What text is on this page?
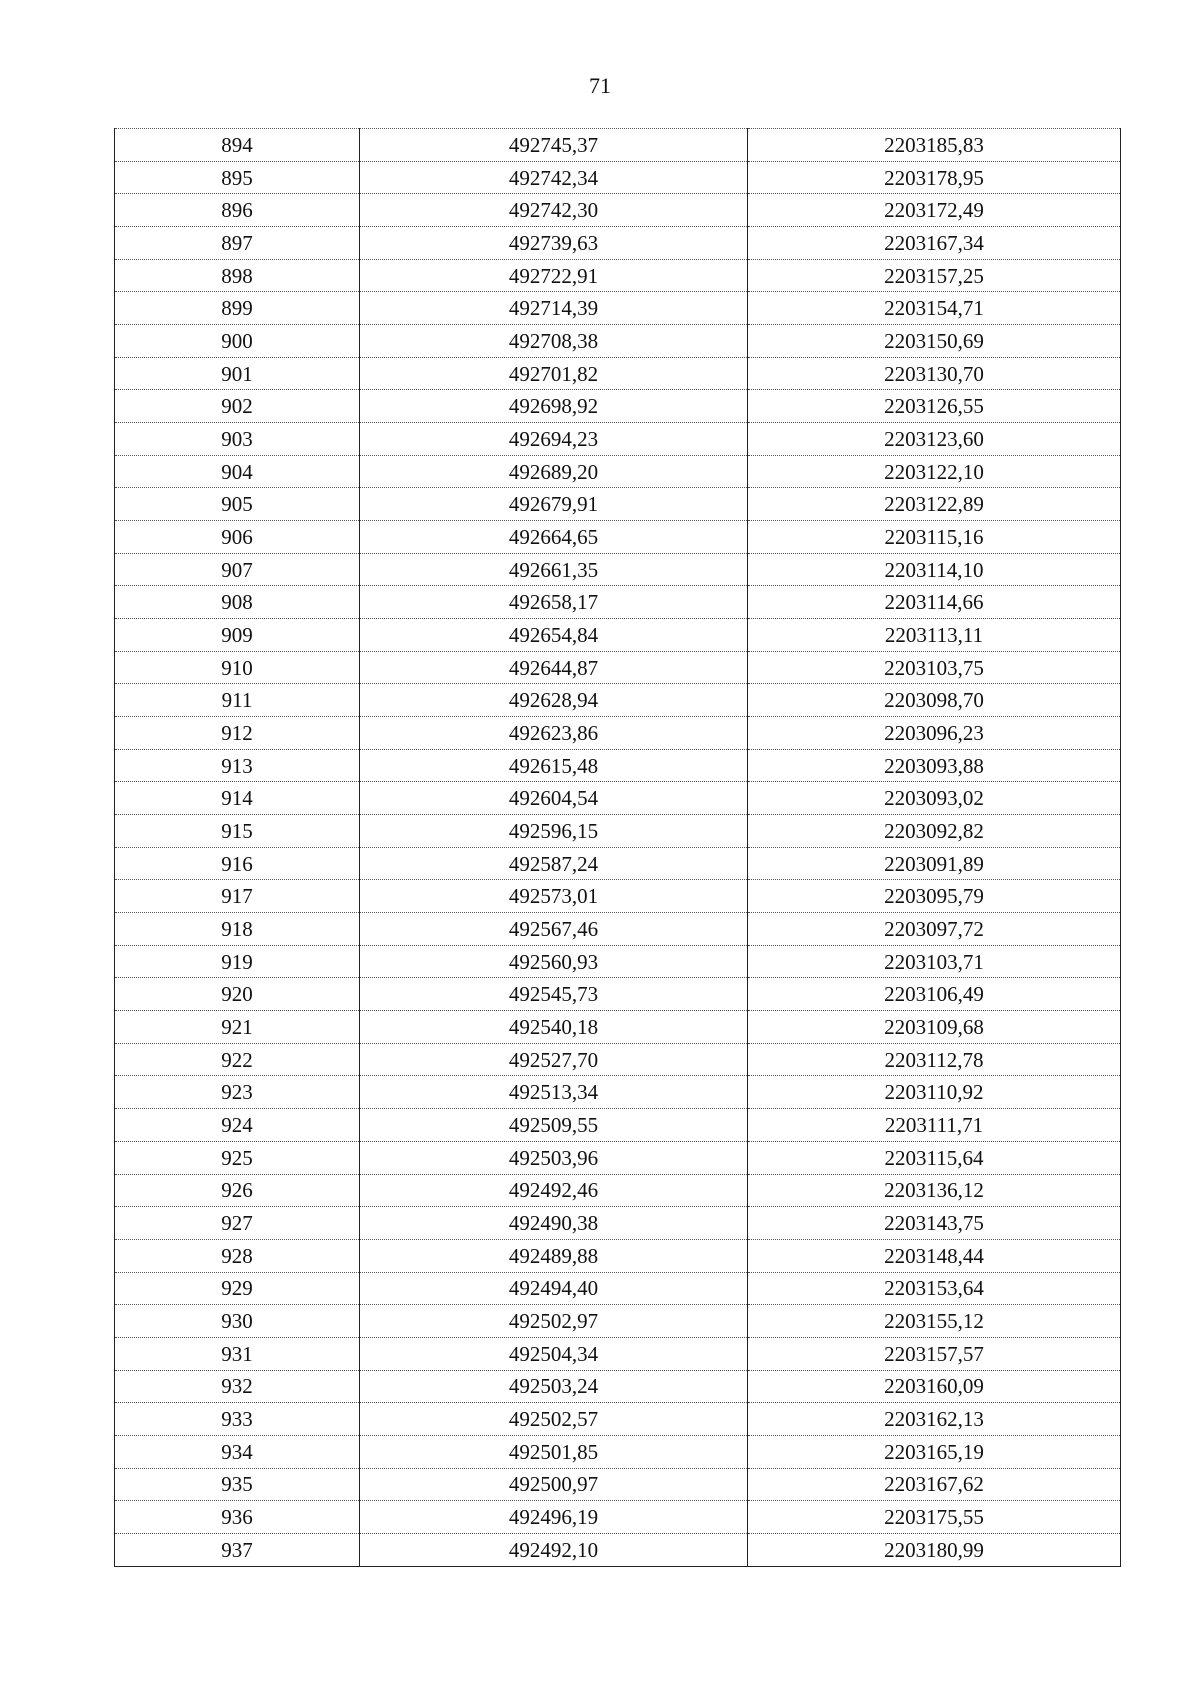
71
894	492745,37	2203185,83
895	492742,34	2203178,95
896	492742,30	2203172,49
897	492739,63	2203167,34
898	492722,91	2203157,25
899	492714,39	2203154,71
900	492708,38	2203150,69
901	492701,82	2203130,70
902	492698,92	2203126,55
903	492694,23	2203123,60
904	492689,20	2203122,10
905	492679,91	2203122,89
906	492664,65	2203115,16
907	492661,35	2203114,10
908	492658,17	2203114,66
909	492654,84	2203113,11
910	492644,87	2203103,75
911	492628,94	2203098,70
912	492623,86	2203096,23
913	492615,48	2203093,88
914	492604,54	2203093,02
915	492596,15	2203092,82
916	492587,24	2203091,89
917	492573,01	2203095,79
918	492567,46	2203097,72
919	492560,93	2203103,71
920	492545,73	2203106,49
921	492540,18	2203109,68
922	492527,70	2203112,78
923	492513,34	2203110,92
924	492509,55	2203111,71
925	492503,96	2203115,64
926	492492,46	2203136,12
927	492490,38	2203143,75
928	492489,88	2203148,44
929	492494,40	2203153,64
930	492502,97	2203155,12
931	492504,34	2203157,57
932	492503,24	2203160,09
933	492502,57	2203162,13
934	492501,85	2203165,19
935	492500,97	2203167,62
936	492496,19	2203175,55
937	492492,10	2203180,99
